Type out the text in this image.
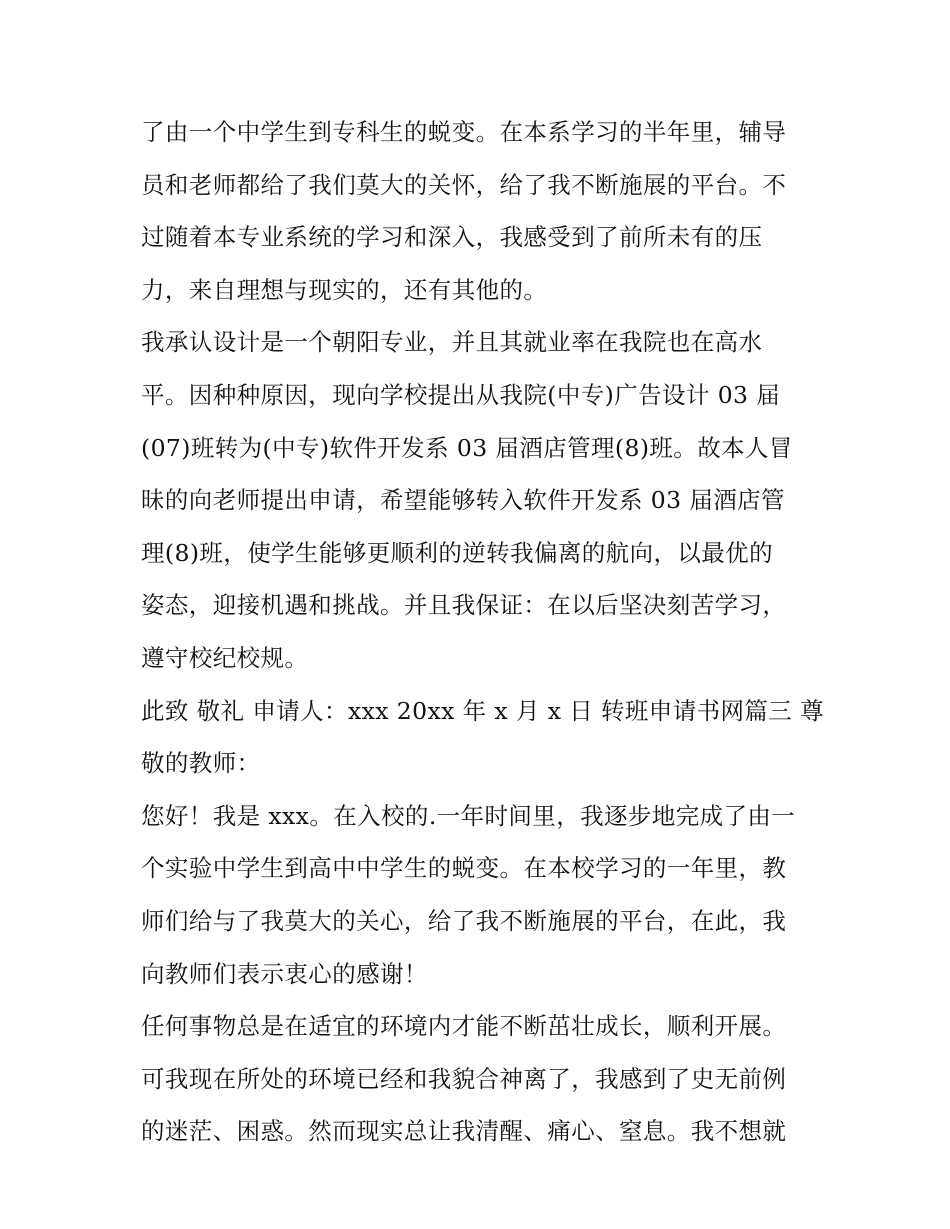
了由一个中学生到专科生的蜕变。在本系学习的半年里，辅导
员和老师都给了我们莫大的关怀，给了我不断施展的平台。不
过随着本专业系统的学习和深入，我感受到了前所未有的压
力，来自理想与现实的，还有其他的。
我承认设计是一个朝阳专业，并且其就业率在我院也在高水
平。因种种原因，现向学校提出从我院(中专)广告设计 03 届
(07)班转为(中专)软件开发系 03 届酒店管理(8)班。故本人冒
昧的向老师提出申请，希望能够转入软件开发系 03 届酒店管
理(8)班，使学生能够更顺利的逆转我偏离的航向，以最优的
姿态，迎接机遇和挑战。并且我保证：在以后坚决刻苦学习，
遵守校纪校规。
此致 敬礼 申请人：xxx 20xx 年 x 月 x 日 转班申请书网篇三 尊
敬的教师：
您好！我是 xxx。在入校的.一年时间里，我逐步地完成了由一
个实验中学生到高中中学生的蜕变。在本校学习的一年里，教
师们给与了我莫大的关心，给了我不断施展的平台，在此，我
向教师们表示衷心的感谢！
任何事物总是在适宜的环境内才能不断茁壮成长，顺利开展。
可我现在所处的环境已经和我貌合神离了，我感到了史无前例
的迷茫、困惑。然而现实总让我清醒、痛心、窒息。我不想就
